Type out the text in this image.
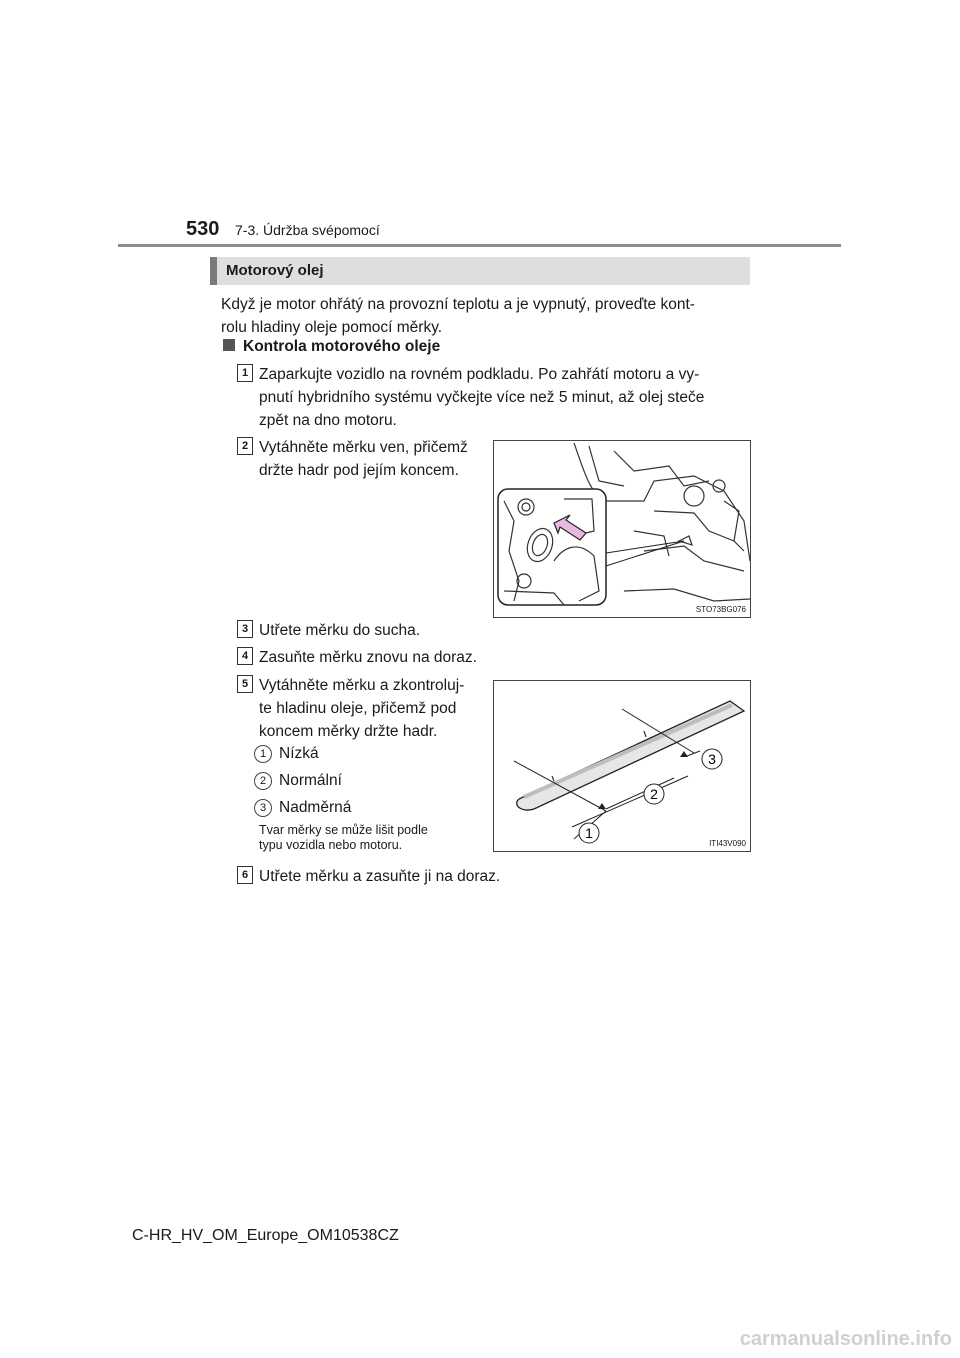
530 7-3. Údržba svépomocí
Motorový olej
Když je motor ohřátý na provozní teplotu a je vypnutý, proveďte kont-
rolu hladiny oleje pomocí měrky.
Kontrola motorového oleje
1 Zaparkujte vozidlo na rovném podkladu. Po zahřátí motoru a vy-
pnutí hybridního systému vyčkejte více než 5 minut, až olej steče
zpět na dno motoru.
2 Vytáhněte měrku ven, přičemž
držte hadr pod jejím koncem.
STO73BG076
3 Utřete měrku do sucha.
4 Zasuňte měrku znovu na doraz.
5 Vytáhněte měrku a zkontroluj-
te hladinu oleje, přičemž pod
koncem měrky držte hadr.
1 Nízká
2 Normální
3 Nadměrná
Tvar měrky se může lišit podle
typu vozidla nebo motoru.
1
2
3
ITI43V090
6 Utřete měrku a zasuňte ji na doraz.
C-HR_HV_OM_Europe_OM10538CZ
carmanualsonline.info
